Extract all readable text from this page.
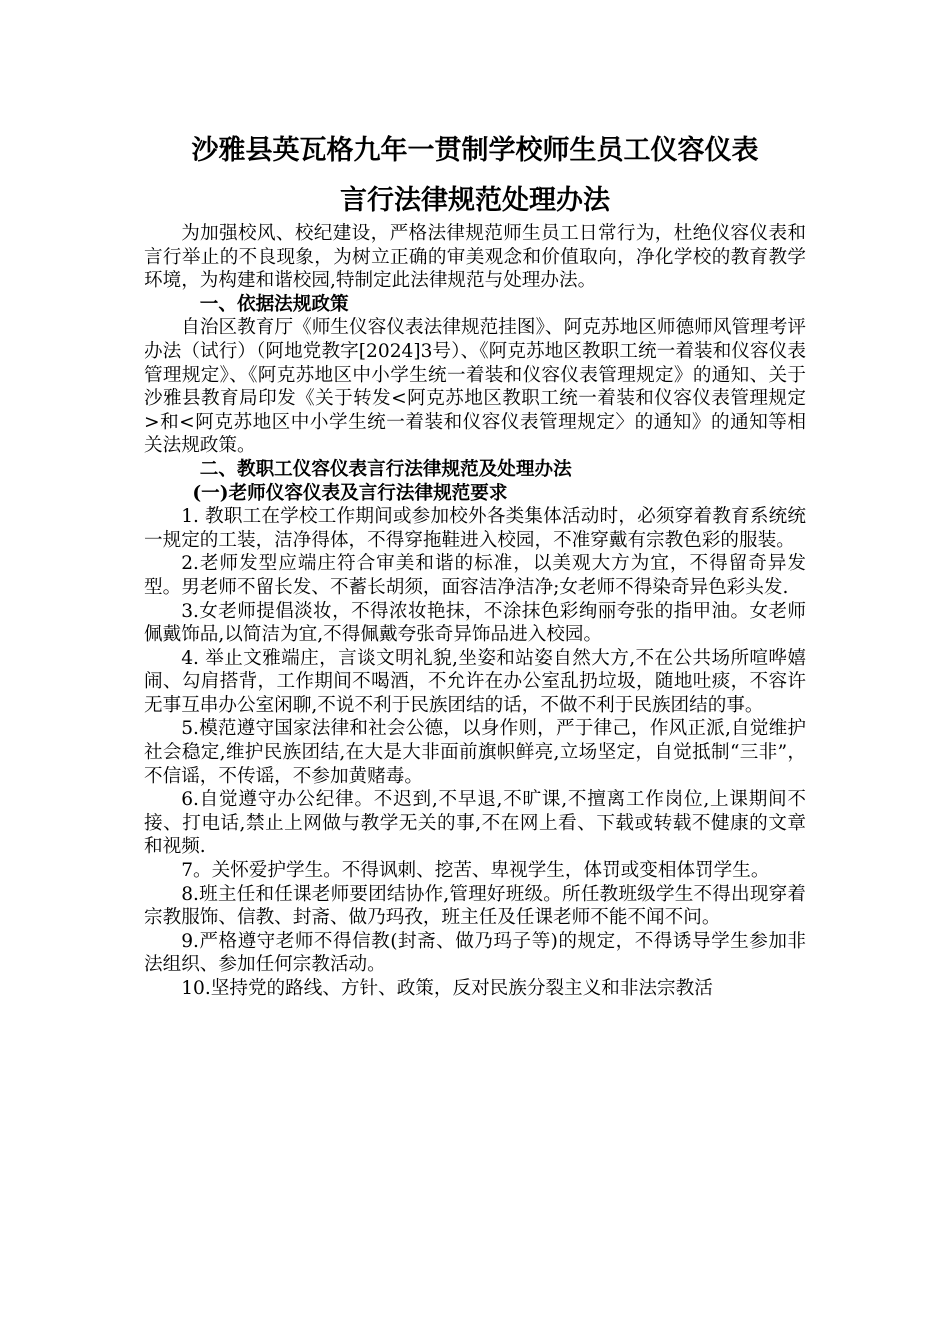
沙雅县英瓦格九年一贯制学校师生员工仪容仪表
言行法律规范处理办法

为加强校风、校纪建设，严格法律规范师生员工日常行为，杜绝仪容仪表和言行举止的不良现象，为树立正确的审美观念和价值取向，净化学校的教育教学环境，为构建和谐校园,特制定此法律规范与处理办法。

一、依据法规政策

自治区教育厅《师生仪容仪表法律规范挂图》、阿克苏地区师德师风管理考评办法（试行）（阿地党教字[2024]3号）、《阿克苏地区教职工统一着装和仪容仪表管理规定》、《阿克苏地区中小学生统一着装和仪容仪表管理规定》的通知、关于沙雅县教育局印发《关于转发<阿克苏地区教职工统一着装和仪容仪表管理规定>和<阿克苏地区中小学生统一着装和仪容仪表管理规定〉的通知》的通知等相关法规政策。

二、教职工仪容仪表言行法律规范及处理办法

(一)老师仪容仪表及言行法律规范要求

1. 教职工在学校工作期间或参加校外各类集体活动时，必须穿着教育系统统一规定的工装，洁净得体，不得穿拖鞋进入校园，不准穿戴有宗教色彩的服装。

2.老师发型应端庄符合审美和谐的标准，以美观大方为宜，不得留奇异发型。男老师不留长发、不蓄长胡须，面容洁净洁净;女老师不得染奇异色彩头发.

3.女老师提倡淡妆，不得浓妆艳抹，不涂抹色彩绚丽夸张的指甲油。女老师佩戴饰品,以简洁为宜,不得佩戴夸张奇异饰品进入校园。

4. 举止文雅端庄，言谈文明礼貌,坐姿和站姿自然大方,不在公共场所喧哗嬉闹、勾肩搭背，工作期间不喝酒，不允许在办公室乱扔垃圾，随地吐痰，不容许无事互串办公室闲聊,不说不利于民族团结的话，不做不利于民族团结的事。

5.模范遵守国家法律和社会公德，以身作则，严于律己，作风正派,自觉维护社会稳定,维护民族团结,在大是大非面前旗帜鲜亮,立场坚定，自觉抵制“三非”，不信谣，不传谣，不参加黄赌毒。

6.自觉遵守办公纪律。不迟到,不早退,不旷课,不擅离工作岗位,上课期间不接、打电话,禁止上网做与教学无关的事,不在网上看、下载或转载不健康的文章和视频.

7。关怀爱护学生。不得讽刺、挖苦、卑视学生，体罚或变相体罚学生。

8.班主任和任课老师要团结协作,管理好班级。所任教班级学生不得出现穿着宗教服饰、信教、封斋、做乃玛孜，班主任及任课老师不能不闻不问。

9.严格遵守老师不得信教(封斋、做乃玛子等)的规定，不得诱导学生参加非法组织、参加任何宗教活动。

10.坚持党的路线、方针、政策，反对民族分裂主义和非法宗教活
